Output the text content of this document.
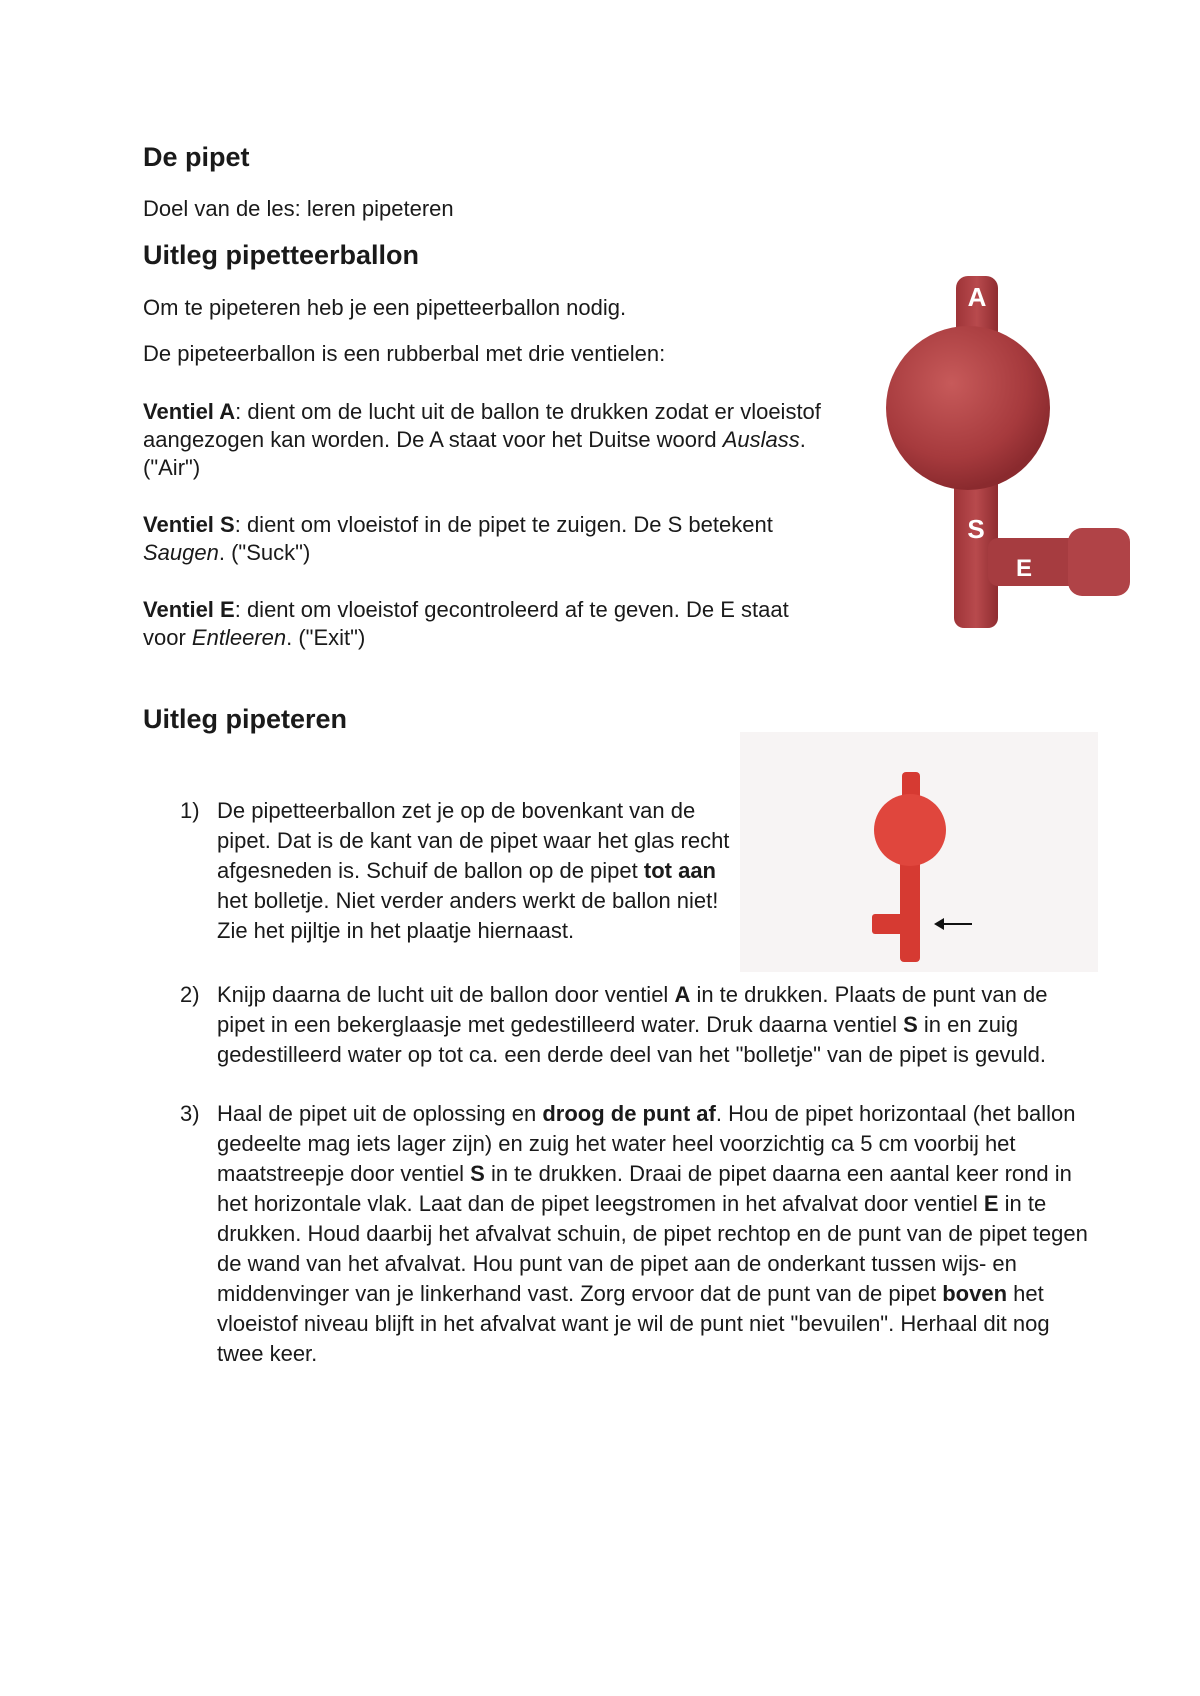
De pipet

Doel van de les: leren pipeteren

Uitleg pipetteerballon

Om te pipeteren heb je een pipetteerballon nodig.

De pipeteerballon is een rubberbal met drie ventielen:

Ventiel A: dient om de lucht uit de ballon te drukken zodat er vloeistof aangezogen kan worden. De A staat voor het Duitse woord Auslass. ("Air")

Ventiel S: dient om vloeistof in de pipet te zuigen. De S betekent Saugen. ("Suck")

Ventiel E: dient om vloeistof gecontroleerd af te geven. De E staat voor Entleeren. ("Exit")

A
S
E
Uitleg pipeteren
1) De pipetteerballon zet je op de bovenkant van de pipet. Dat is de kant van de pipet waar het glas recht afgesneden is. Schuif de ballon op de pipet tot aan het bolletje. Niet verder anders werkt de ballon niet! Zie het pijltje in het plaatje hiernaast.
2) Knijp daarna de lucht uit de ballon door ventiel A in te drukken. Plaats de punt van de pipet in een bekerglaasje met gedestilleerd water. Druk daarna ventiel S in en zuig gedestilleerd water op tot ca. een derde deel van het "bolletje" van de pipet is gevuld.
3) Haal de pipet uit de oplossing en droog de punt af. Hou de pipet horizontaal (het ballon gedeelte mag iets lager zijn) en zuig het water heel voorzichtig ca 5 cm voorbij het maatstreepje door ventiel S in te drukken. Draai de pipet daarna een aantal keer rond in het horizontale vlak. Laat dan de pipet leegstromen in het afvalvat door ventiel E in te drukken. Houd daarbij het afvalvat schuin, de pipet rechtop en de punt van de pipet tegen de wand van het afvalvat. Hou punt van de pipet aan de onderkant tussen wijs- en middenvinger van je linkerhand vast. Zorg ervoor dat de punt van de pipet boven het vloeistof niveau blijft in het afvalvat want je wil de punt niet "bevuilen". Herhaal dit nog twee keer.
